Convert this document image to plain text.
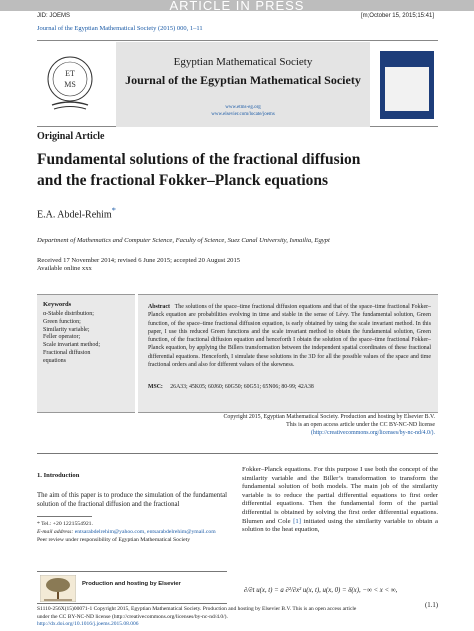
ARTICLE IN PRESS
JID: JOEMS	[m;October 15, 2015;15:41]
Journal of the Egyptian Mathematical Society (2015) 000, 1–11
ET
MS
Egyptian Mathematical Society
Journal of the Egyptian Mathematical Society
www.etms-eg.org
www.elsevier.com/locate/joems
Original Article
Fundamental solutions of the fractional diffusion
and the fractional Fokker–Planck equations
E.A. Abdel-Rehim*
Department of Mathematics and Computer Science, Faculty of Science, Suez Canal University, Ismailia, Egypt
Received 17 November 2014; revised 6 June 2015; accepted 20 August 2015
Available online xxx
Keywords
α-Stable distribution;
Green function;
Similarity variable;
Feller operator;
Scale invariant method;
Fractional diffusion
equations
Abstract The solutions of the space–time fractional diffusion equations and that of the space–time fractional Fokker–Planck equation are probabilities evolving in time and stable in the sense of Lévy. The fundamental solution, Green function, of the space–time fractional diffusion equation, is early obtained by using the scale invariant method. In this paper, I use this reduced Green functions and the scale invariant method to obtain the fundamental solution, Green function, of the fractional diffusion equation and henceforth I obtain the solution of the space–time fractional Fokker–Planck equation, by applying the Billers transformation between the independent spatial coordinates of these fractional differential equations. Henceforth, I simulate these solutions in the 3D for all the possible values of the space and time fractional orders and also for different values of the skewness.
MSC: 26A33; 45K05; 60J60; 60G50; 60G51; 65N06; 80-99; 42A38
Copyright 2015, Egyptian Mathematical Society. Production and hosting by Elsevier B.V.
This is an open access article under the CC BY-NC-ND license
(http://creativecommons.org/licenses/by-nc-nd/4.0/).
1. Introduction
The aim of this paper is to produce the simulation of the fundamental solution of the fractional diffusion and the fractional
* Tel.: +20 1221554921.
E-mail address: entsarabdelrehim@yahoo.com, entsarabdelrehim@ymail.com
Peer review under responsibility of Egyptian Mathematical Society
Production and hosting by Elsevier
Fokker–Planck equations. For this purpose I use both the concept of the similarity variable and the Biller’s transformation to transform the fundamental solution of both models. The main job of the similarity variable is to reduce the partial differential equations to first order differential equations. Then the fundamental form of the partial differential is obtained by solving the first order differential equations. Blumen and Cole [1] initiated using the similarity variable to obtain a solution to the heat equation,
∂/∂t u(x, t) = a ∂²/∂x² u(x, t), u(x, 0) = δ(x), −∞ < x < ∞,
(1.1)
S1110-256X(15)00071-1 Copyright 2015, Egyptian Mathematical Society. Production and hosting by Elsevier B.V. This is an open access article
under the CC BY-NC-ND license (http://creativecommons.org/licenses/by-nc-nd/4.0/).
http://dx.doi.org/10.1016/j.joems.2015.08.006
